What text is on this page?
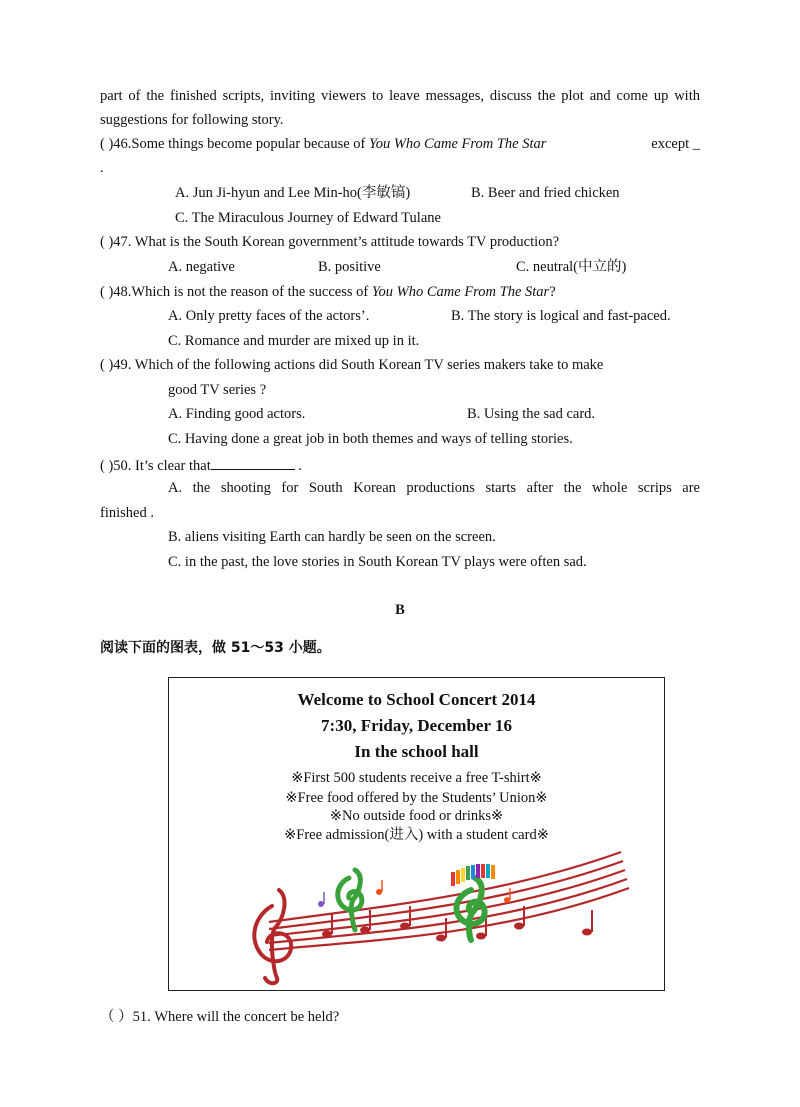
part of the finished scripts, inviting viewers to leave messages, discuss the plot and come up with
suggestions for following story.
( )46.Some things become popular because of You Who Came From The Star	except _
.
A. Jun Ji-hyun and Lee Min-ho(李敏镐)	B. Beer and fried chicken
C. The Miraculous Journey of Edward Tulane
( )47. What is the South Korean government’s attitude towards TV production?
A. negative	B. positive	C. neutral(中立的)
( )48.Which is not the reason of the success of You Who Came From The Star?
A. Only pretty faces of the actors’.	B. The story is logical and fast-paced.
C. Romance and murder are mixed up in it.
( )49. Which of the following actions did South Korean TV series makers take to make
good TV series ?
A. Finding good actors.	B. Using the sad card.
C. Having done a great job in both themes and ways of telling stories.
( )50. It’s clear that	.
A. the shooting for South Korean productions starts after the whole scrips are
finished .
B. aliens visiting Earth can hardly be seen on the screen.
C. in the past, the love stories in South Korean TV plays were often sad.
B
阅读下面的图表，做 51～53 小题。
Welcome to School Concert 2014
7:30, Friday, December 16
In the school hall
※First 500 students receive a free T-shirt※
※Free food offered by the Students’ Union※
※No outside food or drinks※
※Free admission(进入) with a student card※
（ ）51. Where will the concert be held?
